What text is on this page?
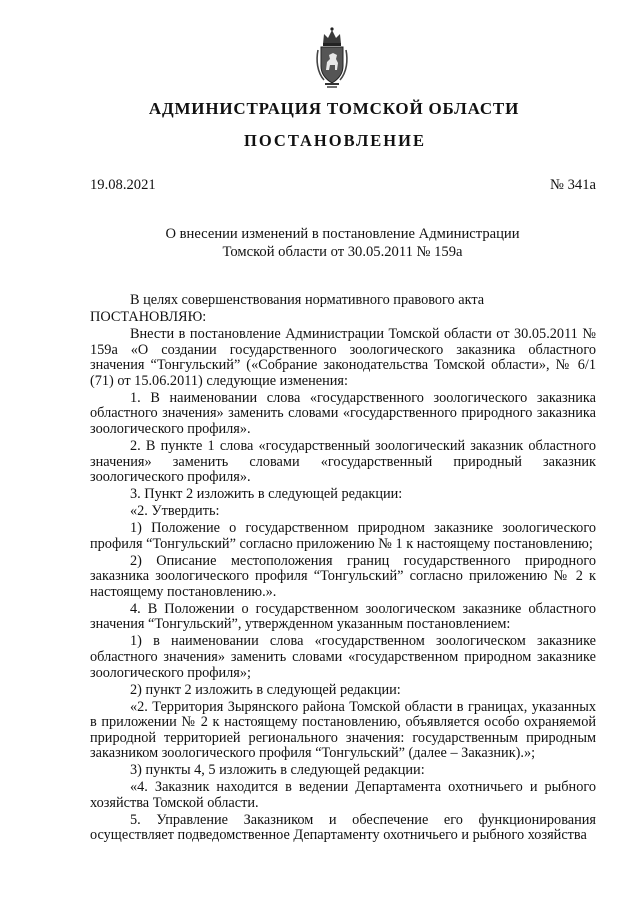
АДМИНИСТРАЦИЯ ТОМСКОЙ ОБЛАСТИ
ПОСТАНОВЛЕНИЕ
19.08.2021	№ 341а
О внесении изменений в постановление Администрации
Томской области от 30.05.2011 № 159а

В целях совершенствования нормативного правового акта

ПОСТАНОВЛЯЮ:

Внести в постановление Администрации Томской области от 30.05.2011 № 159а «О создании государственного зоологического заказника областного значения “Тонгульский” («Собрание законодательства Томской области», № 6/1 (71) от 15.06.2011) следующие изменения:

1. В наименовании слова «государственного зоологического заказника областного значения» заменить словами «государственного природного заказника зоологического профиля».

2. В пункте 1 слова «государственный зоологический заказник областного значения» заменить словами «государственный природный заказник зоологического профиля».

3. Пункт 2 изложить в следующей редакции:

«2. Утвердить:

1) Положение о государственном природном заказнике зоологического профиля “Тонгульский” согласно приложению № 1 к настоящему постановлению;

2) Описание местоположения границ государственного природного заказника зоологического профиля “Тонгульский” согласно приложению № 2 к настоящему постановлению.».

4. В Положении о государственном зоологическом заказнике областного значения “Тонгульский”, утвержденном указанным постановлением:

1) в наименовании слова «государственном зоологическом заказнике областного значения» заменить словами «государственном природном заказнике зоологического профиля»;

2) пункт 2 изложить в следующей редакции:

«2. Территория Зырянского района Томской области в границах, указанных в приложении № 2 к настоящему постановлению, объявляется особо охраняемой природной территорией регионального значения: государственным природным заказником зоологического профиля “Тонгульский” (далее – Заказник).»;

3) пункты 4, 5 изложить в следующей редакции:

«4. Заказник находится в ведении Департамента охотничьего и рыбного хозяйства Томской области.

5. Управление Заказником и обеспечение его функционирования осуществляет подведомственное Департаменту охотничьего и рыбного хозяйства
